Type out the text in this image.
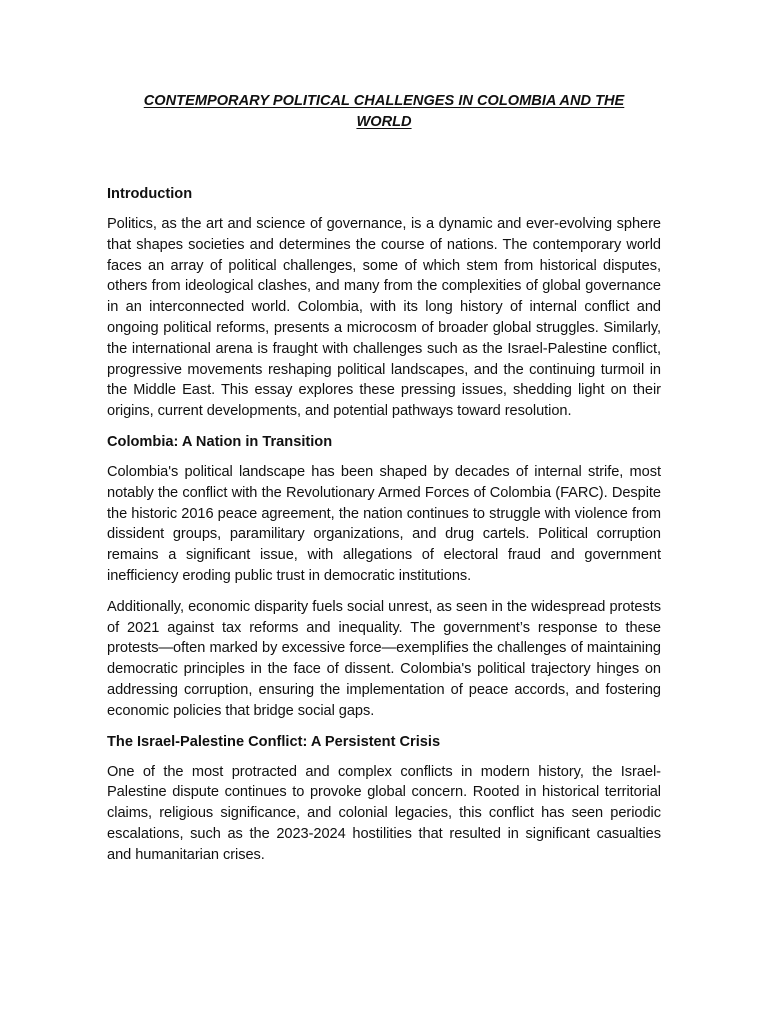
CONTEMPORARY POLITICAL CHALLENGES IN COLOMBIA AND THE WORLD
Introduction

Politics, as the art and science of governance, is a dynamic and ever-evolving sphere that shapes societies and determines the course of nations. The contemporary world faces an array of political challenges, some of which stem from historical disputes, others from ideological clashes, and many from the complexities of global governance in an interconnected world. Colombia, with its long history of internal conflict and ongoing political reforms, presents a microcosm of broader global struggles. Similarly, the international arena is fraught with challenges such as the Israel-Palestine conflict, progressive movements reshaping political landscapes, and the continuing turmoil in the Middle East. This essay explores these pressing issues, shedding light on their origins, current developments, and potential pathways toward resolution.

Colombia: A Nation in Transition

Colombia's political landscape has been shaped by decades of internal strife, most notably the conflict with the Revolutionary Armed Forces of Colombia (FARC). Despite the historic 2016 peace agreement, the nation continues to struggle with violence from dissident groups, paramilitary organizations, and drug cartels. Political corruption remains a significant issue, with allegations of electoral fraud and government inefficiency eroding public trust in democratic institutions.

Additionally, economic disparity fuels social unrest, as seen in the widespread protests of 2021 against tax reforms and inequality. The government’s response to these protests—often marked by excessive force—exemplifies the challenges of maintaining democratic principles in the face of dissent. Colombia's political trajectory hinges on addressing corruption, ensuring the implementation of peace accords, and fostering economic policies that bridge social gaps.

The Israel-Palestine Conflict: A Persistent Crisis

One of the most protracted and complex conflicts in modern history, the Israel-Palestine dispute continues to provoke global concern. Rooted in historical territorial claims, religious significance, and colonial legacies, this conflict has seen periodic escalations, such as the 2023-2024 hostilities that resulted in significant casualties and humanitarian crises.
